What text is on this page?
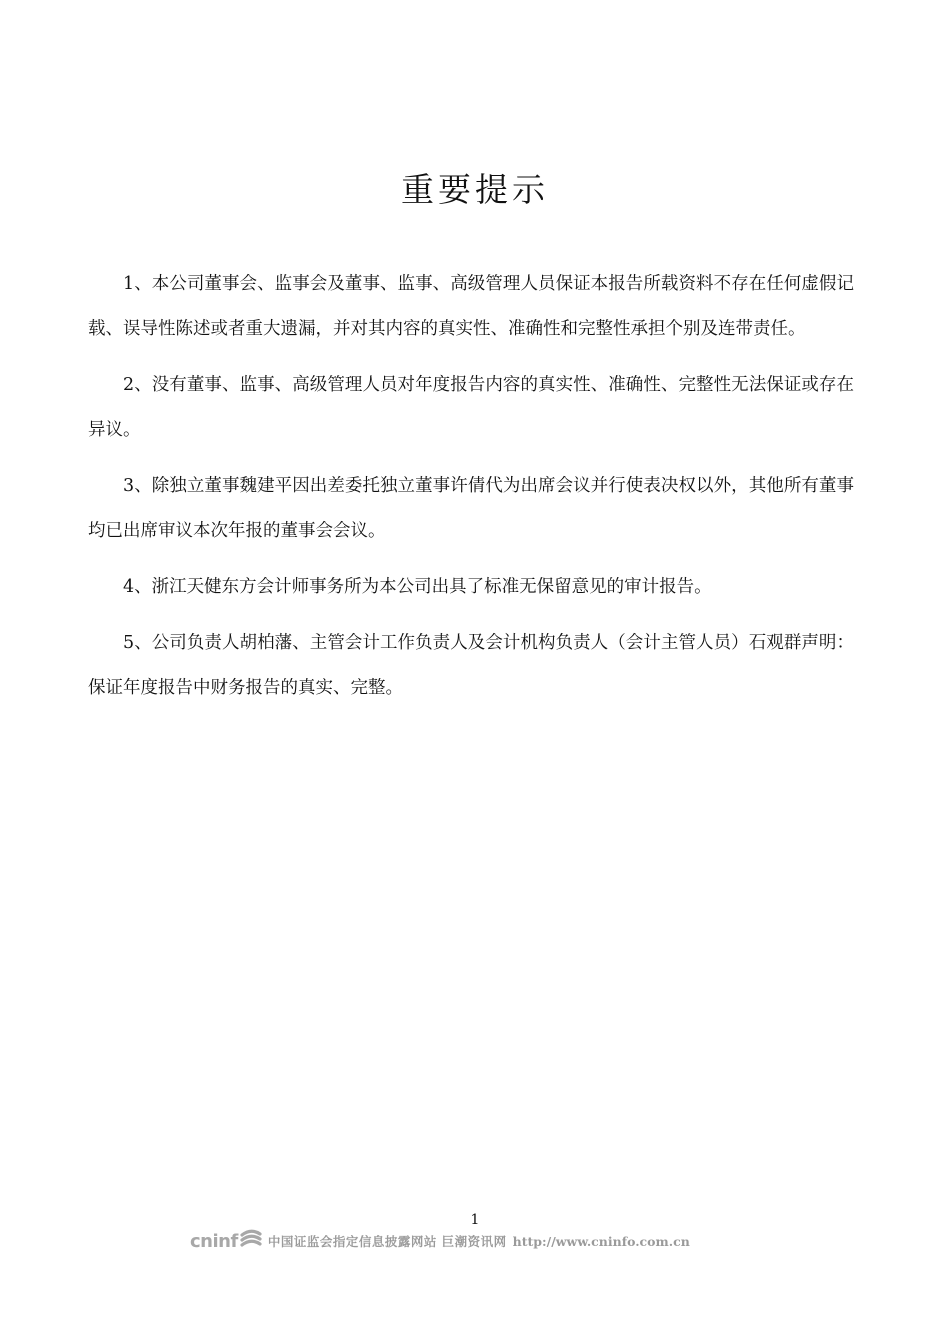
重要提示

1、本公司董事会、监事会及董事、监事、高级管理人员保证本报告所载资料不存在任何虚假记载、误导性陈述或者重大遗漏，并对其内容的真实性、准确性和完整性承担个别及连带责任。

2、没有董事、监事、高级管理人员对年度报告内容的真实性、准确性、完整性无法保证或存在异议。

3、除独立董事魏建平因出差委托独立董事许倩代为出席会议并行使表决权以外，其他所有董事均已出席审议本次年报的董事会会议。

4、浙江天健东方会计师事务所为本公司出具了标准无保留意见的审计报告。

5、公司负责人胡柏藩、主管会计工作负责人及会计机构负责人（会计主管人员）石观群声明：保证年度报告中财务报告的真实、完整。

1
cninf 中国证监会指定信息披露网站 巨潮资讯网 http://www.cninfo.com.cn
